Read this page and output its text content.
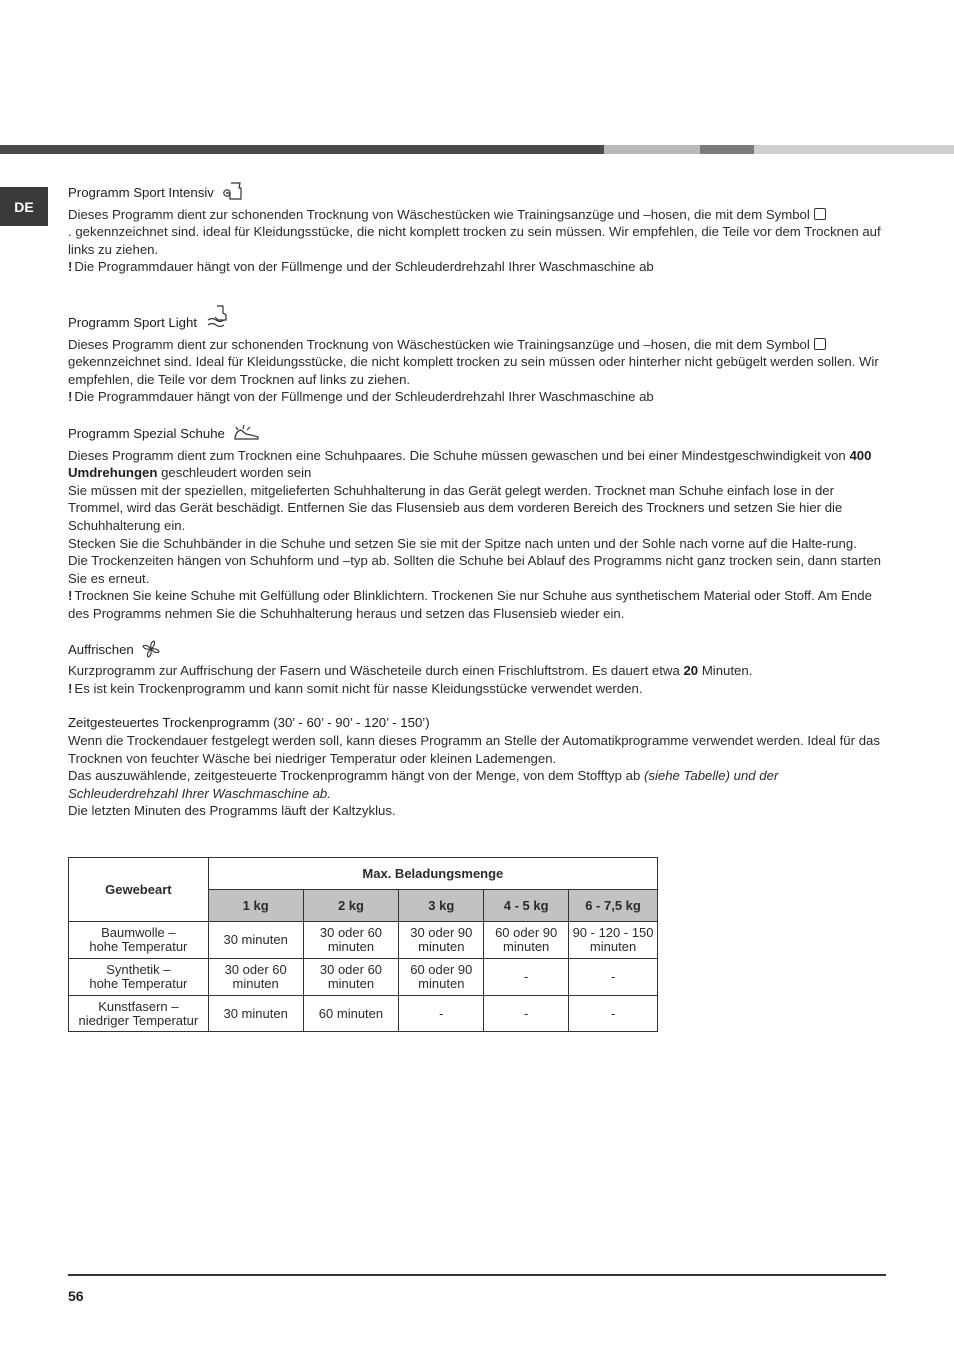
DE
Programm Sport Intensiv

Dieses Programm dient zur schonenden Trocknung von Wäschestücken wie Trainingsanzüge und –hosen, die mit dem Symbol

. gekennzeichnet sind. ideal für Kleidungsstücke, die nicht komplett trocken zu sein müssen. Wir empfehlen, die Teile vor dem Trocknen auf links zu ziehen.

! Die Programmdauer hängt von der Füllmenge und der Schleuderdrehzahl Ihrer Waschmaschine ab

Programm Sport Light

Dieses Programm dient zur schonenden Trocknung von Wäschestücken wie Trainingsanzüge und –hosen, die mit dem Symbol

gekennzeichnet sind. Ideal für Kleidungsstücke, die nicht komplett trocken zu sein müssen oder hinterher nicht gebügelt werden sollen. Wir empfehlen, die Teile vor dem Trocknen auf links zu ziehen.

! Die Programmdauer hängt von der Füllmenge und der Schleuderdrehzahl Ihrer Waschmaschine ab

Programm Spezial Schuhe

Dieses Programm dient zum Trocknen eine Schuhpaares. Die Schuhe müssen gewaschen und bei einer Mindestgeschwindigkeit von 400 Umdrehungen geschleudert worden sein

Sie müssen mit der speziellen, mitgelieferten Schuhhalterung in das Gerät gelegt werden. Trocknet man Schuhe einfach lose in der Trommel, wird das Gerät beschädigt. Entfernen Sie das Flusensieb aus dem vorderen Bereich des Trockners und setzen Sie hier die Schuhhalterung ein.

Stecken Sie die Schuhbänder in die Schuhe und setzen Sie sie mit der Spitze nach unten und der Sohle nach vorne auf die Halte-rung.

Die Trockenzeiten hängen von Schuhform und –typ ab. Sollten die Schuhe bei Ablauf des Programms nicht ganz trocken sein, dann starten Sie es erneut.

! Trocknen Sie keine Schuhe mit Gelfüllung oder Blinklichtern. Trockenen Sie nur Schuhe aus synthetischem Material oder Stoff. Am Ende des Programms nehmen Sie die Schuhhalterung heraus und setzen das Flusensieb wieder ein.

Auffrischen

Kurzprogramm zur Auffrischung der Fasern und Wäscheteile durch einen Frischluftstrom. Es dauert etwa 20 Minuten.

! Es ist kein Trockenprogramm und kann somit nicht für nasse Kleidungsstücke verwendet werden.

Zeitgesteuertes Trockenprogramm (30’ - 60’ - 90’ - 120’ - 150’)

Wenn die Trockendauer festgelegt werden soll, kann dieses Programm an Stelle der Automatikprogramme verwendet werden. Ideal für das Trocknen von feuchter Wäsche bei niedriger Temperatur oder kleinen Lademengen.

Das auszuwählende, zeitgesteuerte Trockenprogramm hängt von der Menge, von dem Stofftyp ab (siehe Tabelle) und der Schleuderdrehzahl Ihrer Waschmaschine ab.

Die letzten Minuten des Programms läuft der Kaltzyklus.

Gewebeart	Max. Beladungsmenge				
	1 kg	2 kg	3 kg	4 - 5 kg	6 - 7,5 kg
Baumwolle –
hohe Temperatur	30 minuten	30 oder 60 minuten	30 oder 90 minuten	60 oder 90 minuten	90 - 120 - 150 minuten
Synthetik –
hohe Temperatur	30 oder 60 minuten	30 oder 60 minuten	60 oder 90 minuten	-	-
Kunstfasern –
niedriger Temperatur	30 minuten	60 minuten	-	-	-
56
